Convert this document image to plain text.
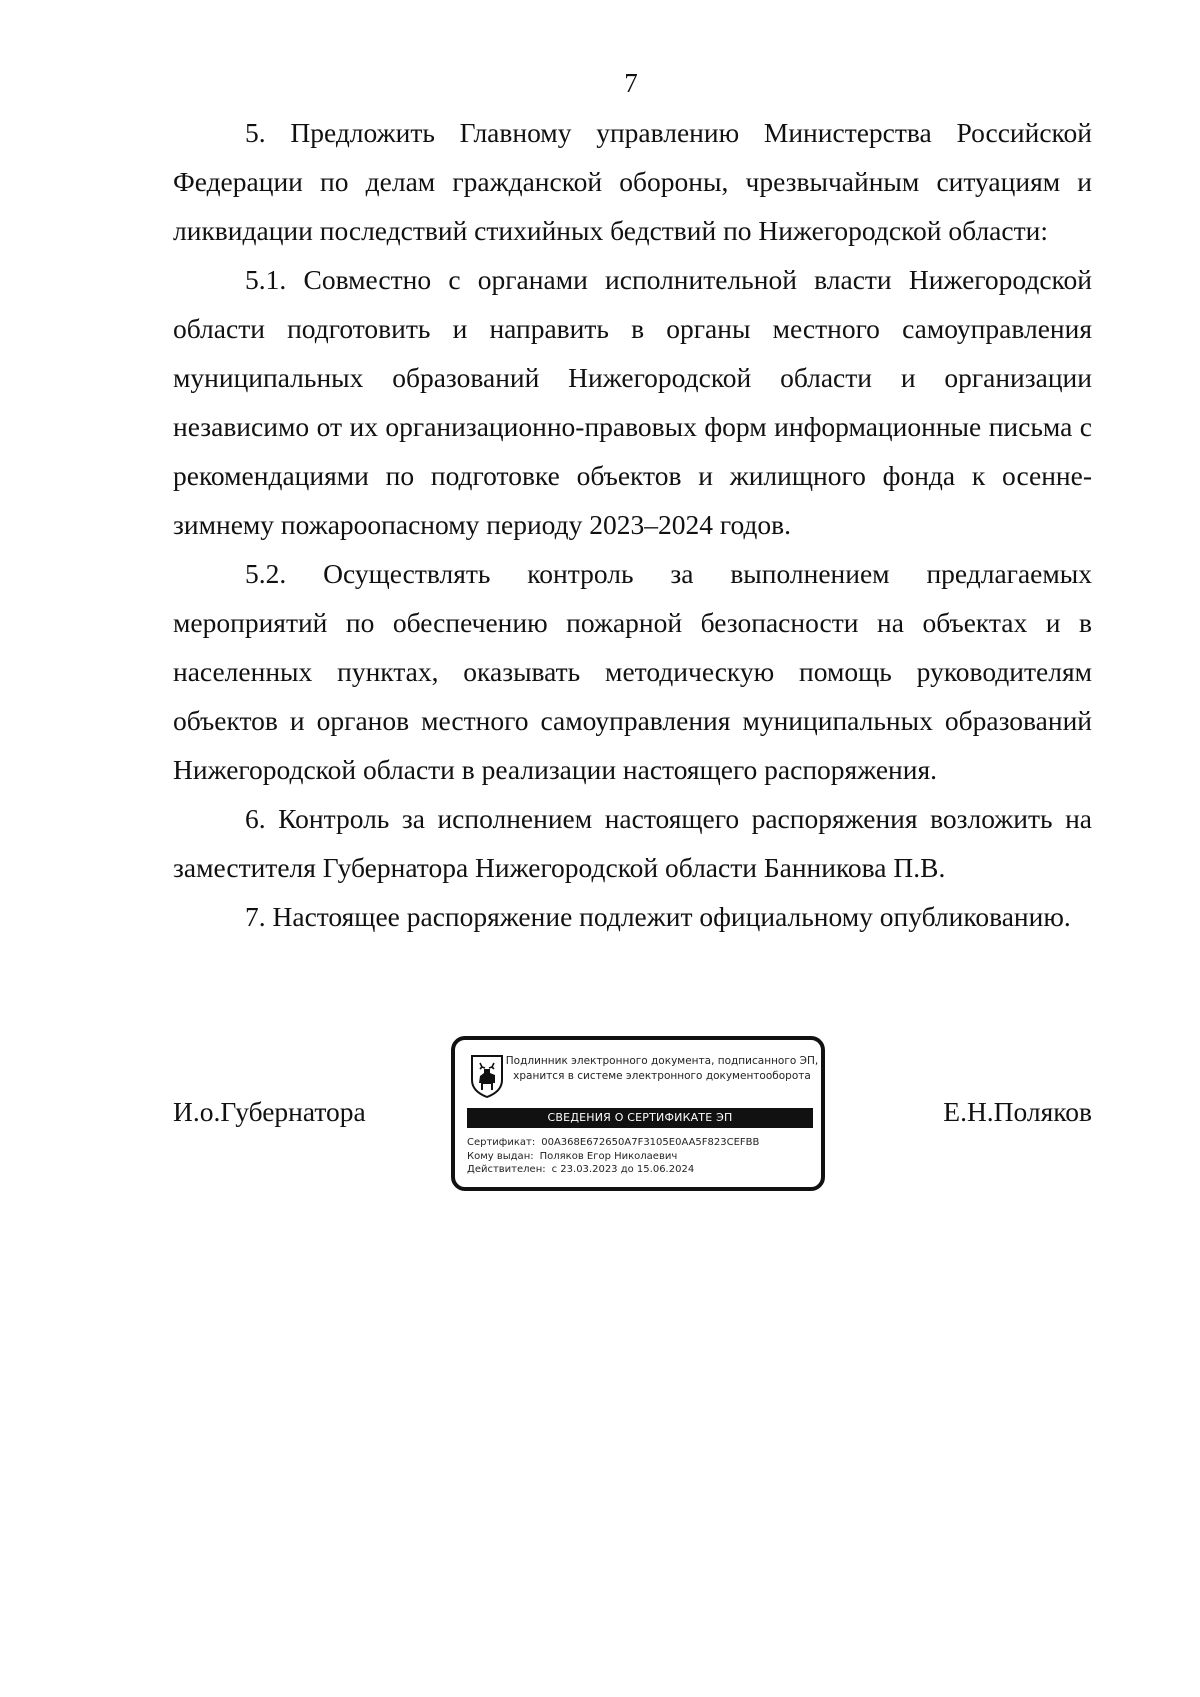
7

5. Предложить Главному управлению Министерства Российской Федерации по делам гражданской обороны, чрезвычайным ситуациям и ликвидации последствий стихийных бедствий по Нижегородской области:

5.1. Совместно с органами исполнительной власти Нижегородской области подготовить и направить в органы местного самоуправления муниципальных образований Нижегородской области и организации независимо от их организационно-правовых форм информационные письма с рекомендациями по подготовке объектов и жилищного фонда к осенне-зимнему пожароопасному периоду 2023–2024 годов.

5.2. Осуществлять контроль за выполнением предлагаемых мероприятий по обеспечению пожарной безопасности на объектах и в населенных пунктах, оказывать методическую помощь руководителям объектов и органов местного самоуправления муниципальных образований Нижегородской области в реализации настоящего распоряжения.

6. Контроль за исполнением настоящего распоряжения возложить на заместителя Губернатора Нижегородской области Банникова П.В.

7. Настоящее распоряжение подлежит официальному опубликованию.

И.о.Губернатора
Подлинник электронного документа, подписанного ЭП,
хранится в системе электронного документооборота
СВЕДЕНИЯ О СЕРТИФИКАТЕ ЭП
Сертификат: 00A368E672650A7F3105E0AA5F823CEFBB
Кому выдан: Поляков Егор Николаевич
Действителен: с 23.03.2023 до 15.06.2024
Е.Н.Поляков
